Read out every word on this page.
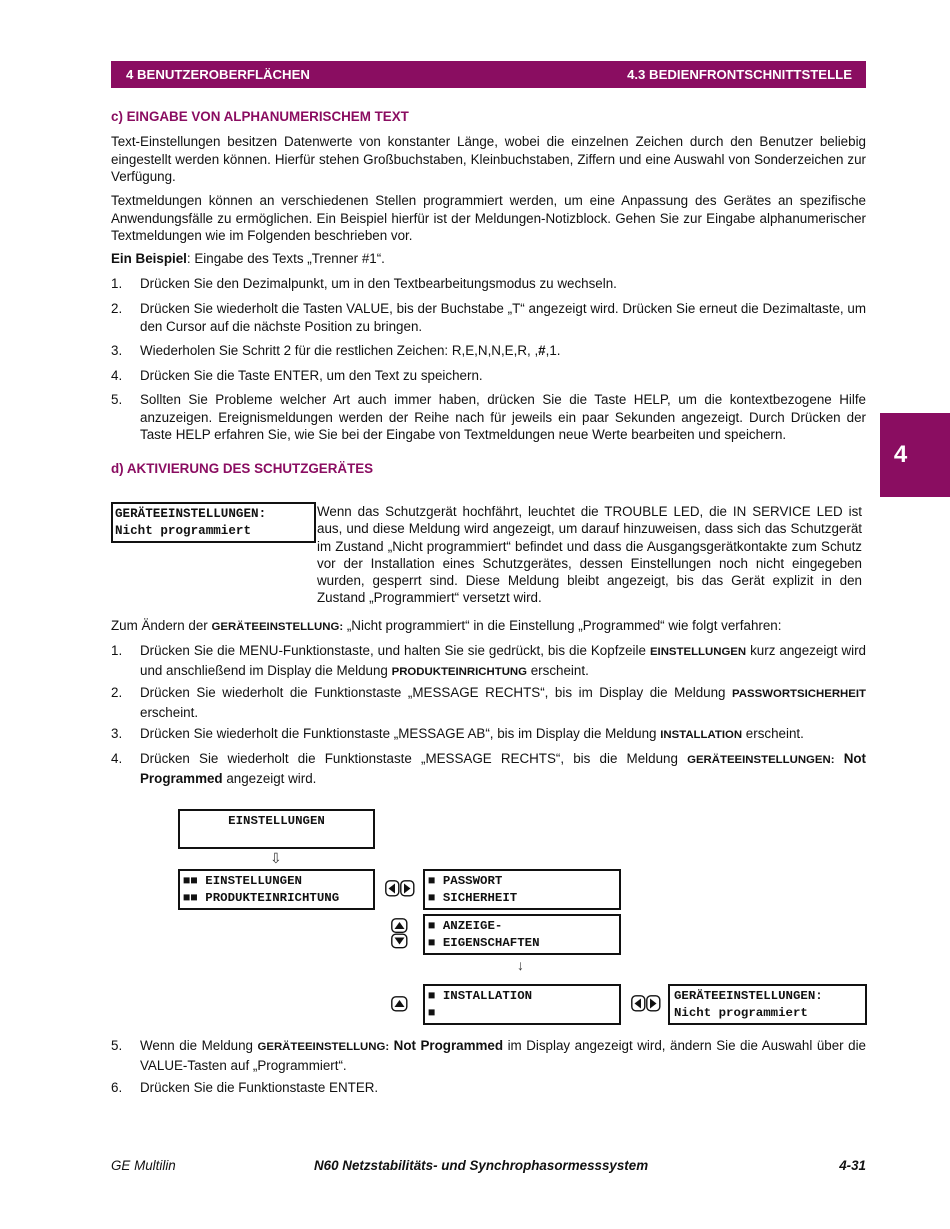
4 BENUTZEROBERFLÄCHEN	4.3 BEDIENFRONTSCHNITTSTELLE
4
c) EINGABE VON ALPHANUMERISCHEM TEXT

Text-Einstellungen besitzen Datenwerte von konstanter Länge, wobei die einzelnen Zeichen durch den Benutzer beliebig eingestellt werden können. Hierfür stehen Großbuchstaben, Kleinbuchstaben, Ziffern und eine Auswahl von Sonderzeichen zur Verfügung.

Textmeldungen können an verschiedenen Stellen programmiert werden, um eine Anpassung des Gerätes an spezifische Anwendungsfälle zu ermöglichen. Ein Beispiel hierfür ist der Meldungen-Notizblock. Gehen Sie zur Eingabe alphanumerischer Textmeldungen wie im Folgenden beschrieben vor.

Ein Beispiel: Eingabe des Texts „Trenner #1“.
1. Drücken Sie den Dezimalpunkt, um in den Textbearbeitungsmodus zu wechseln.
2. Drücken Sie wiederholt die Tasten VALUE, bis der Buchstabe „T“ angezeigt wird. Drücken Sie erneut die Dezimaltaste, um den Cursor auf die nächste Position zu bringen.
3. Wiederholen Sie Schritt 2 für die restlichen Zeichen: R,E,N,N,E,R, ,#,1.
4. Drücken Sie die Taste ENTER, um den Text zu speichern.
5. Sollten Sie Probleme welcher Art auch immer haben, drücken Sie die Taste HELP, um die kontextbezogene Hilfe anzuzeigen. Ereignismeldungen werden der Reihe nach für jeweils ein paar Sekunden angezeigt. Durch Drücken der Taste HELP erfahren Sie, wie Sie bei der Eingabe von Textmeldungen neue Werte bearbeiten und speichern.
d) AKTIVIERUNG DES SCHUTZGERÄTES
GERÄTEEINSTELLUNGEN:
Nicht programmiert

Wenn das Schutzgerät hochfährt, leuchtet die TROUBLE LED, die IN SERVICE LED ist aus, und diese Meldung wird angezeigt, um darauf hinzuweisen, dass sich das Schutzgerät im Zustand „Nicht programmiert“ befindet und dass die Ausgangsgerätkontakte zum Schutz vor der Installation eines Schutzgerätes, dessen Einstellungen noch nicht eingegeben wurden, gesperrt sind. Diese Meldung bleibt angezeigt, bis das Gerät explizit in den Zustand „Programmiert“ versetzt wird.

Zum Ändern der GERÄTEEINSTELLUNG: „Nicht programmiert“ in die Einstellung „Programmed“ wie folgt verfahren:
1. Drücken Sie die MENU-Funktionstaste, und halten Sie sie gedrückt, bis die Kopfzeile EINSTELLUNGEN kurz angezeigt wird und anschließend im Display die Meldung PRODUKTEINRICHTUNG erscheint.
2. Drücken Sie wiederholt die Funktionstaste „MESSAGE RECHTS“, bis im Display die Meldung PASSWORTSICHERHEIT erscheint.
3. Drücken Sie wiederholt die Funktionstaste „MESSAGE AB“, bis im Display die Meldung INSTALLATION erscheint.
4. Drücken Sie wiederholt die Funktionstaste „MESSAGE RECHTS“, bis die Meldung GERÄTEEINSTELLUNGEN: Not Programmed angezeigt wird.
EINSTELLUNGEN
⇩
■■ EINSTELLUNGEN
■■ PRODUKTEINRICHTUNG
■ PASSWORT
■ SICHERHEIT
■ ANZEIGE-
■ EIGENSCHAFTEN
↓
■ INSTALLATION
■
GERÄTEEINSTELLUNGEN:
Nicht programmiert
5. Wenn die Meldung GERÄTEEINSTELLUNG: Not Programmed im Display angezeigt wird, ändern Sie die Auswahl über die VALUE-Tasten auf „Programmiert“.
6. Drücken Sie die Funktionstaste ENTER.
GE Multilin	N60 Netzstabilitäts- und Synchrophasormesssystem	4-31
